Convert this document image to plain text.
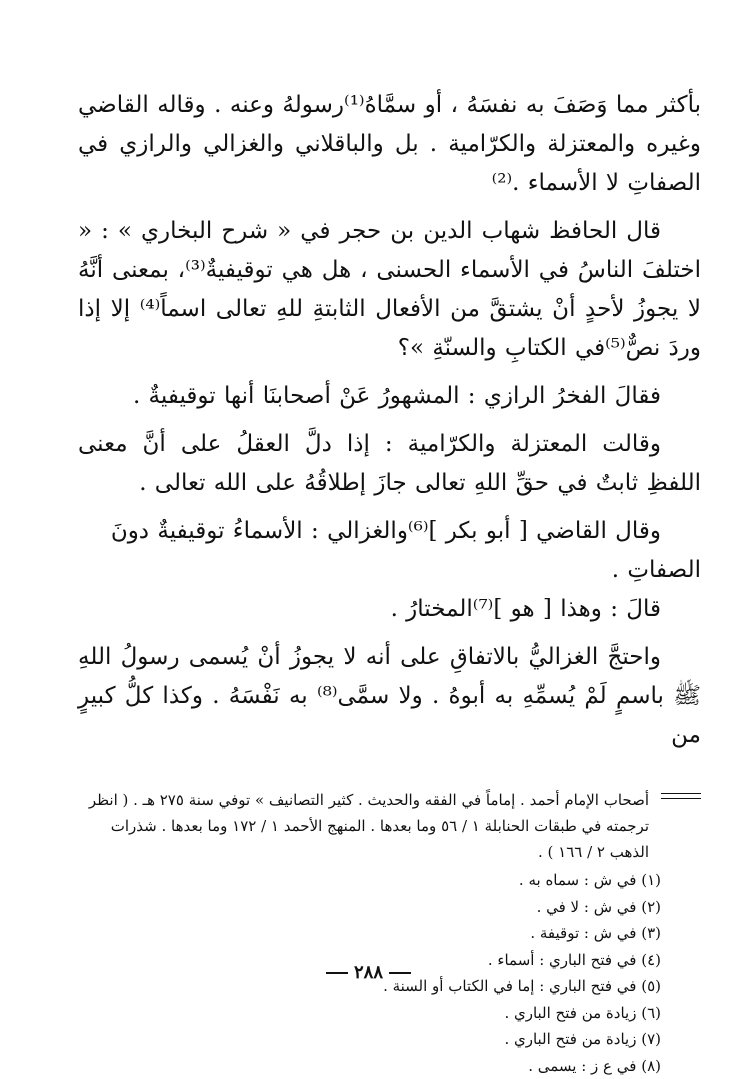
بأكثر مما وَصَفَ به نفسَهُ ، أو سمَّاهُ⁽¹⁾رسولهُ وعنه . وقاله القاضي وغيره والمعتزلة والكرّامية . بل والباقلاني والغزالي والرازي في الصفاتِ لا الأسماء .⁽²⁾

قال الحافظ شهاب الدين بن حجر في « شرح البخاري » : « اختلفَ الناسُ في الأسماء الحسنى ، هل هي توقيفيةٌ⁽³⁾، بمعنى أنَّهُ لا يجوزُ لأحدٍ أنْ يشتقَّ من الأفعال الثابتةِ للهِ تعالى اسماً⁽⁴⁾ إلا إذا وردَ نصٌّ⁽⁵⁾في الكتابِ والسنّةِ »؟

فقالَ الفخرُ الرازي : المشهورُ عَنْ أصحابنَا أنها توقيفيةٌ .

وقالت المعتزلة والكرّامية : إذا دلَّ العقلُ على أنَّ معنى اللفظِ ثابتٌ في حقِّ اللهِ تعالى جازَ إطلاقُهُ على الله تعالى .

وقال القاضي [ أبو بكر ]⁽⁶⁾والغزالي : الأسماءُ توقيفيةٌ دونَ الصفاتِ .

قالَ : وهذا [ هو ]⁽⁷⁾المختارُ .

واحتجَّ الغزاليُّ بالاتفاقِ على أنه لا يجوزُ أنْ يُسمى رسولُ اللهِ ﷺ باسمٍ لَمْ يُسمِّهِ به أبوهُ . ولا سمَّى⁽⁸⁾ به نَفْسَهُ . وكذا كلُّ كبيرٍ من

أصحاب الإمام أحمد . إماماً في الفقه والحديث . كثير التصانيف » توفي سنة ٢٧٥ هـ . ( انظر ترجمته في طبقات الحنابلة ١ / ٥٦ وما بعدها . المنهج الأحمد ١ / ١٧٢ وما بعدها . شذرات الذهب ٢ / ١٦٦ ) .

(١) في ش : سماه به .
(٢) في ش : لا في .
(٣) في ش : توقيفة .
(٤) في فتح الباري : أسماء .
(٥) في فتح الباري : إما في الكتاب أو السنة .
(٦) زيادة من فتح الباري .
(٧) زيادة من فتح الباري .
(٨) في ع ز : يسمى .
٢٨٨
